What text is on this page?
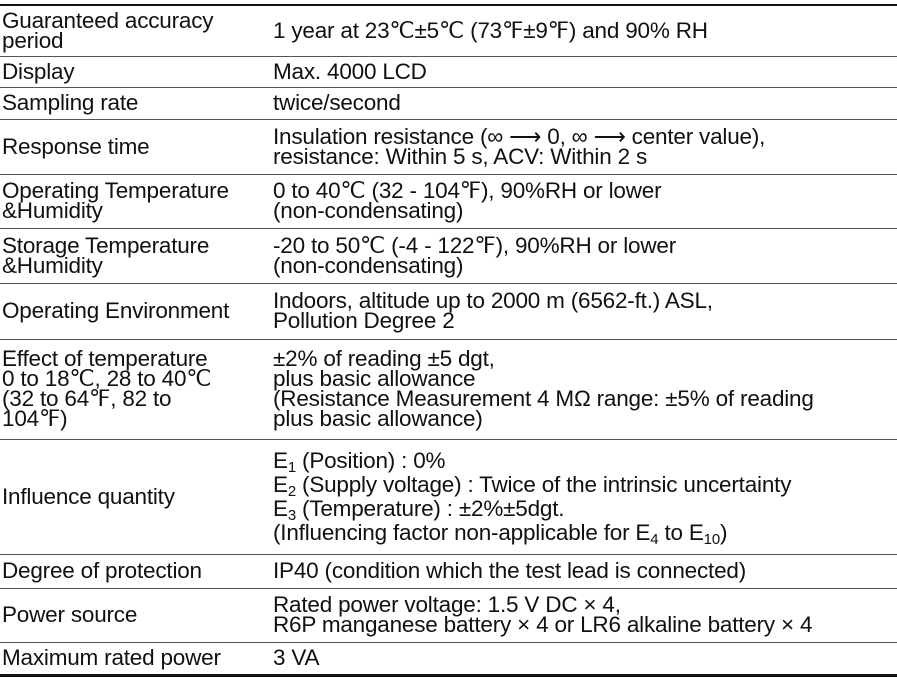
Guaranteed accuracy
period	1 year at 23℃±5℃ (73℉±9℉) and 90% RH

Display	Max. 4000 LCD

Sampling rate	twice/second

Response time	Insulation resistance (∞ ⟶ 0, ∞ ⟶ center value),
resistance: Within 5 s, ACV: Within 2 s

Operating Temperature
&Humidity	0 to 40℃ (32 - 104℉), 90%RH or lower
(non-condensating)

Storage Temperature
&Humidity	-20 to 50℃ (-4 - 122℉), 90%RH or lower
(non-condensating)

Operating Environment	Indoors, altitude up to 2000 m (6562-ft.) ASL,
Pollution Degree 2

Effect of temperature
0 to 18℃, 28 to 40℃
(32 to 64℉, 82 to
104℉)	±2% of reading ±5 dgt,
plus basic allowance
(Resistance Measurement 4 MΩ range: ±5% of reading
plus basic allowance)

Influence quantity	$E_1$ (Position) : 0%
$E_2$ (Supply voltage) : Twice of the intrinsic uncertainty
$E_3$ (Temperature) : ±2%±5dgt.
(Influencing factor non-applicable for $E_4$ to $E_{10}$)

Degree of protection	IP40 (condition which the test lead is connected)

Power source	Rated power voltage: 1.5 V DC × 4,
R6P manganese battery × 4 or LR6 alkaline battery × 4

Maximum rated power	3 VA
